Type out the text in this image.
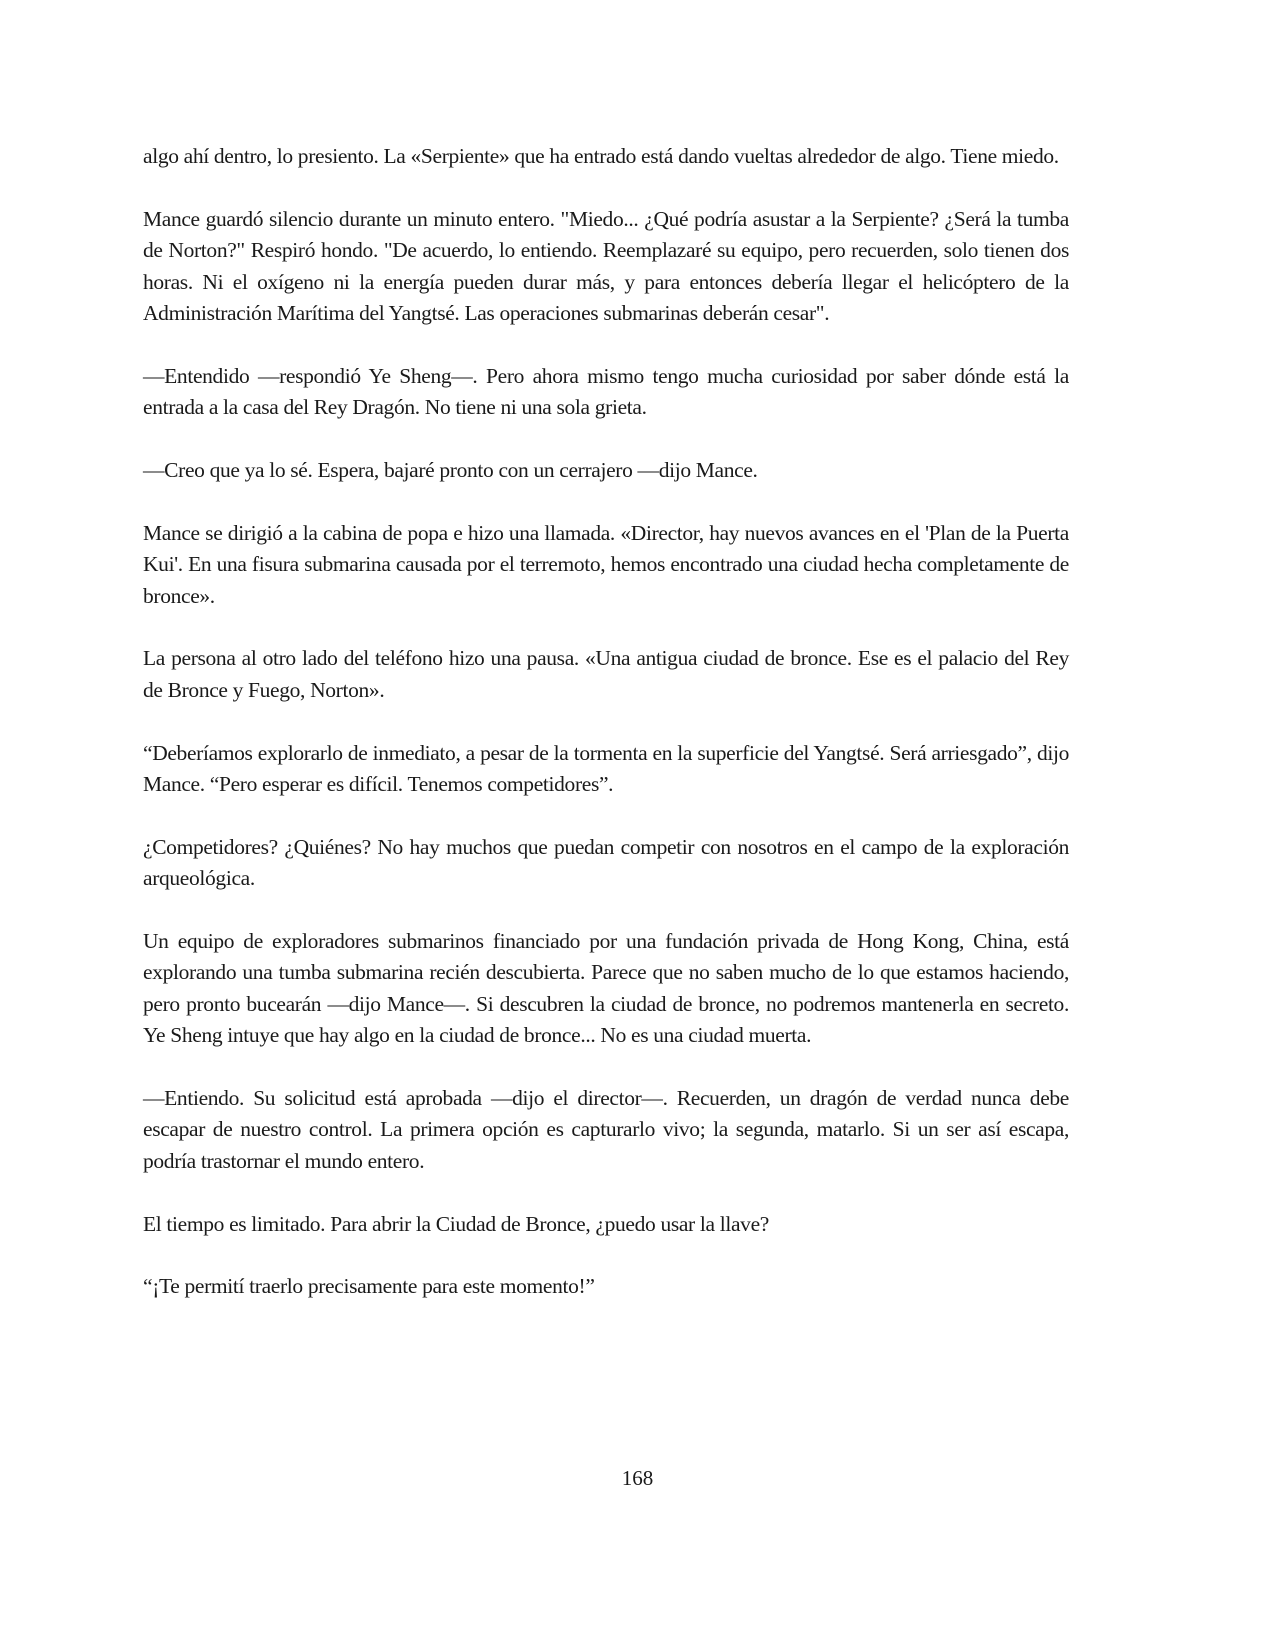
algo ahí dentro, lo presiento. La «Serpiente» que ha entrado está dando vueltas alrededor de algo. Tiene miedo.

Mance guardó silencio durante un minuto entero. "Miedo... ¿Qué podría asustar a la Serpiente? ¿Será la tumba de Norton?" Respiró hondo. "De acuerdo, lo entiendo. Reemplazaré su equipo, pero recuerden, solo tienen dos horas. Ni el oxígeno ni la energía pueden durar más, y para entonces debería llegar el helicóptero de la Administración Marítima del Yangtsé. Las operaciones submarinas deberán cesar".

—Entendido —respondió Ye Sheng—. Pero ahora mismo tengo mucha curiosidad por saber dónde está la entrada a la casa del Rey Dragón. No tiene ni una sola grieta.

—Creo que ya lo sé. Espera, bajaré pronto con un cerrajero —dijo Mance.

Mance se dirigió a la cabina de popa e hizo una llamada. «Director, hay nuevos avances en el 'Plan de la Puerta Kui'. En una fisura submarina causada por el terremoto, hemos encontrado una ciudad hecha completamente de bronce».

La persona al otro lado del teléfono hizo una pausa. «Una antigua ciudad de bronce. Ese es el palacio del Rey de Bronce y Fuego, Norton».

“Deberíamos explorarlo de inmediato, a pesar de la tormenta en la superficie del Yangtsé. Será arriesgado”, dijo Mance. “Pero esperar es difícil. Tenemos competidores”.

¿Competidores? ¿Quiénes? No hay muchos que puedan competir con nosotros en el campo de la exploración arqueológica.

Un equipo de exploradores submarinos financiado por una fundación privada de Hong Kong, China, está explorando una tumba submarina recién descubierta. Parece que no saben mucho de lo que estamos haciendo, pero pronto bucearán —dijo Mance—. Si descubren la ciudad de bronce, no podremos mantenerla en secreto. Ye Sheng intuye que hay algo en la ciudad de bronce... No es una ciudad muerta.

—Entiendo. Su solicitud está aprobada —dijo el director—. Recuerden, un dragón de verdad nunca debe escapar de nuestro control. La primera opción es capturarlo vivo; la segunda, matarlo. Si un ser así escapa, podría trastornar el mundo entero.

El tiempo es limitado. Para abrir la Ciudad de Bronce, ¿puedo usar la llave?

“¡Te permití traerlo precisamente para este momento!”

168
